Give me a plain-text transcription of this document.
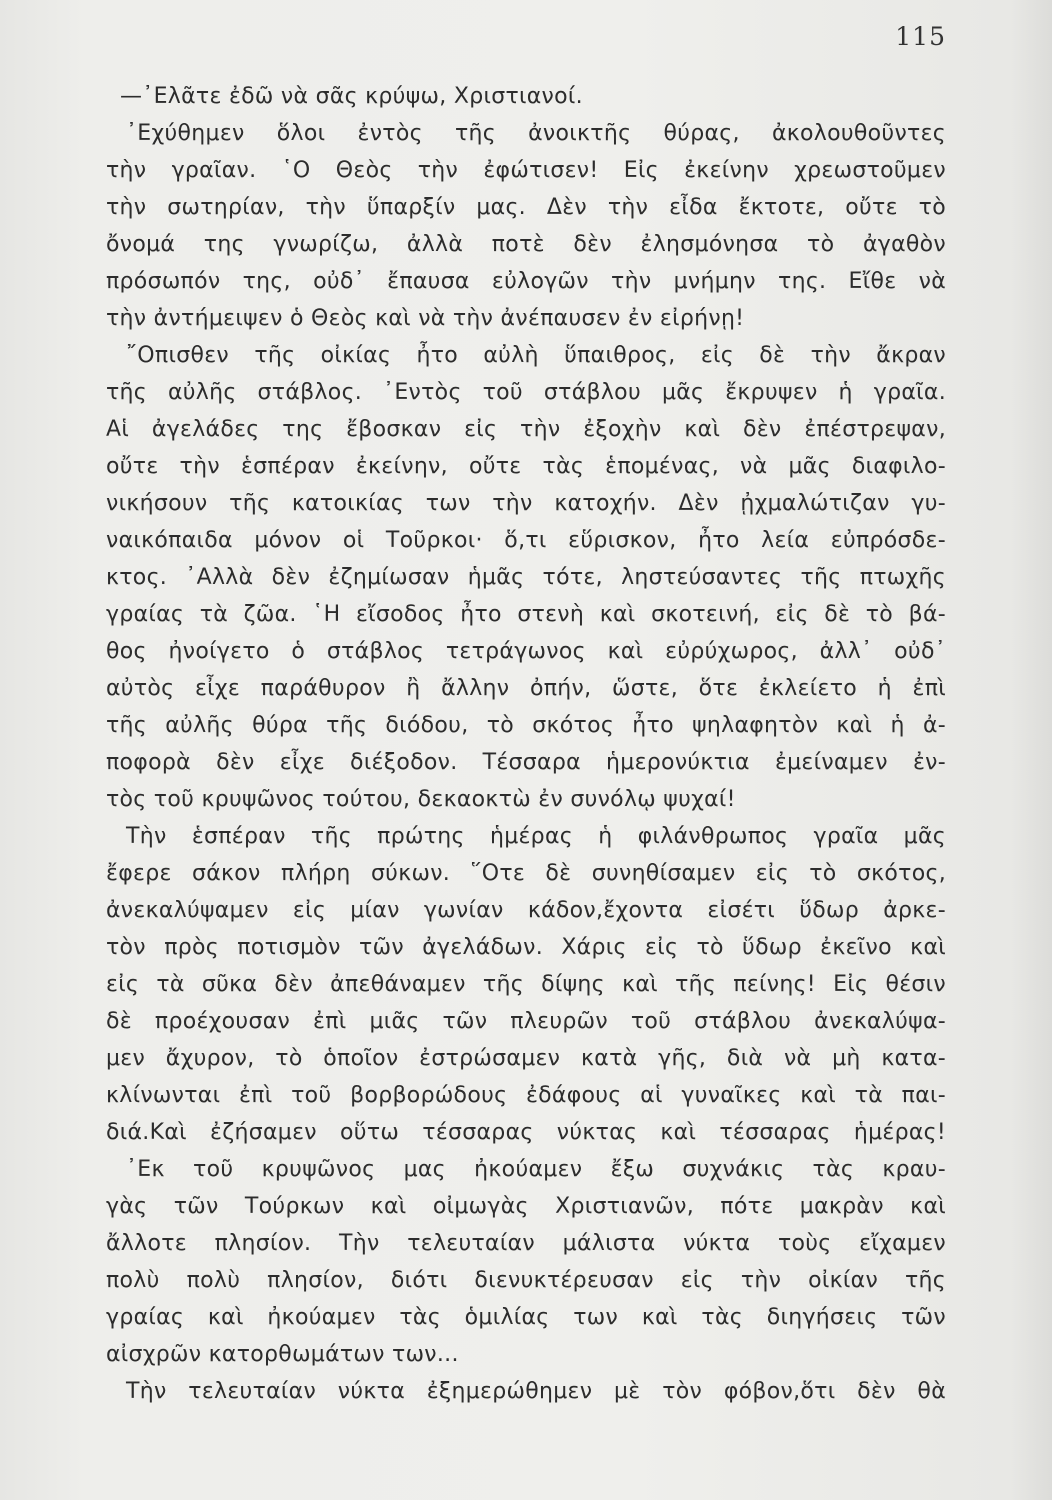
115
—᾽Ελᾶτε ἐδῶ νὰ σᾶς κρύψω, Χριστιανοί.
᾽Εχύθημεν ὅλοι ἐντὸς τῆς ἀνοικτῆς θύρας, ἀκολουθοῦντες
τὴν γραῖαν. ῾Ο Θεὸς τὴν ἐφώτισεν! Εἰς ἐκείνην χρεωστοῦμεν
τὴν σωτηρίαν, τὴν ὕπαρξίν μας. Δὲν τὴν εἶδα ἔκτοτε, οὔτε τὸ
ὄνομά της γνωρίζω, ἀλλὰ ποτὲ δὲν ἐλησμόνησα τὸ ἀγαθὸν
πρόσωπόν της, οὐδ᾽ ἔπαυσα εὐλογῶν τὴν μνήμην της. Εἴθε νὰ
τὴν ἀντήμειψεν ὁ Θεὸς καὶ νὰ τὴν ἀνέπαυσεν ἐν εἰρήνῃ!
῎Οπισθεν τῆς οἰκίας ἦτο αὐλὴ ὕπαιθρος, εἰς δὲ τὴν ἄκραν
τῆς αὐλῆς στάβλος. ᾽Εντὸς τοῦ στάβλου μᾶς ἔκρυψεν ἡ γραῖα.
Αἱ ἀγελάδες της ἔβοσκαν εἰς τὴν ἐξοχὴν καὶ δὲν ἐπέστρεψαν,
οὔτε τὴν ἑσπέραν ἐκείνην, οὔτε τὰς ἑπομένας, νὰ μᾶς διαφιλο-
νικήσουν τῆς κατοικίας των τὴν κατοχήν. Δὲν ᾐχμαλώτιζαν γυ-
ναικόπαιδα μόνον οἱ Τοῦρκοι· ὅ,τι εὕρισκον, ἦτο λεία εὐπρόσδε-
κτος. ᾽Αλλὰ δὲν ἐζημίωσαν ἡμᾶς τότε, ληστεύσαντες τῆς πτωχῆς
γραίας τὰ ζῶα. ῾Η εἴσοδος ἦτο στενὴ καὶ σκοτεινή, εἰς δὲ τὸ βά-
θος ἠνοίγετο ὁ στάβλος τετράγωνος καὶ εὐρύχωρος, ἀλλ᾽ οὐδ᾽
αὐτὸς εἶχε παράθυρον ἢ ἄλλην ὀπήν, ὥστε, ὅτε ἐκλείετο ἡ ἐπὶ
τῆς αὐλῆς θύρα τῆς διόδου, τὸ σκότος ἦτο ψηλαφητὸν καὶ ἡ ἀ-
ποφορὰ δὲν εἶχε διέξοδον. Τέσσαρα ἡμερονύκτια ἐμείναμεν ἐν-
τὸς τοῦ κρυψῶνος τούτου, δεκαοκτὼ ἐν συνόλῳ ψυχαί!
Τὴν ἑσπέραν τῆς πρώτης ἡμέρας ἡ φιλάνθρωπος γραῖα μᾶς
ἔφερε σάκον πλήρη σύκων. ῞Οτε δὲ συνηθίσαμεν εἰς τὸ σκότος,
ἀνεκαλύψαμεν εἰς μίαν γωνίαν κάδον,ἔχοντα εἰσέτι ὕδωρ ἀρκε-
τὸν πρὸς ποτισμὸν τῶν ἀγελάδων. Χάρις εἰς τὸ ὕδωρ ἐκεῖνο καὶ
εἰς τὰ σῦκα δὲν ἀπεθάναμεν τῆς δίψης καὶ τῆς πείνης! Εἰς θέσιν
δὲ προέχουσαν ἐπὶ μιᾶς τῶν πλευρῶν τοῦ στάβλου ἀνεκαλύψα-
μεν ἄχυρον, τὸ ὁποῖον ἐστρώσαμεν κατὰ γῆς, διὰ νὰ μὴ κατα-
κλίνωνται ἐπὶ τοῦ βορβορώδους ἐδάφους αἱ γυναῖκες καὶ τὰ παι-
διά.Καὶ ἐζήσαμεν οὕτω τέσσαρας νύκτας καὶ τέσσαρας ἡμέρας!
᾽Εκ τοῦ κρυψῶνος μας ἠκούαμεν ἔξω συχνάκις τὰς κραυ-
γὰς τῶν Τούρκων καὶ οἰμωγὰς Χριστιανῶν, πότε μακρὰν καὶ
ἄλλοτε πλησίον. Τὴν τελευταίαν μάλιστα νύκτα τοὺς εἴχαμεν
πολὺ πολὺ πλησίον, διότι διενυκτέρευσαν εἰς τὴν οἰκίαν τῆς
γραίας καὶ ἠκούαμεν τὰς ὁμιλίας των καὶ τὰς διηγήσεις τῶν
αἰσχρῶν κατορθωμάτων των...
Τὴν τελευταίαν νύκτα ἐξημερώθημεν μὲ τὸν φόβον,ὅτι δὲν θὰ
